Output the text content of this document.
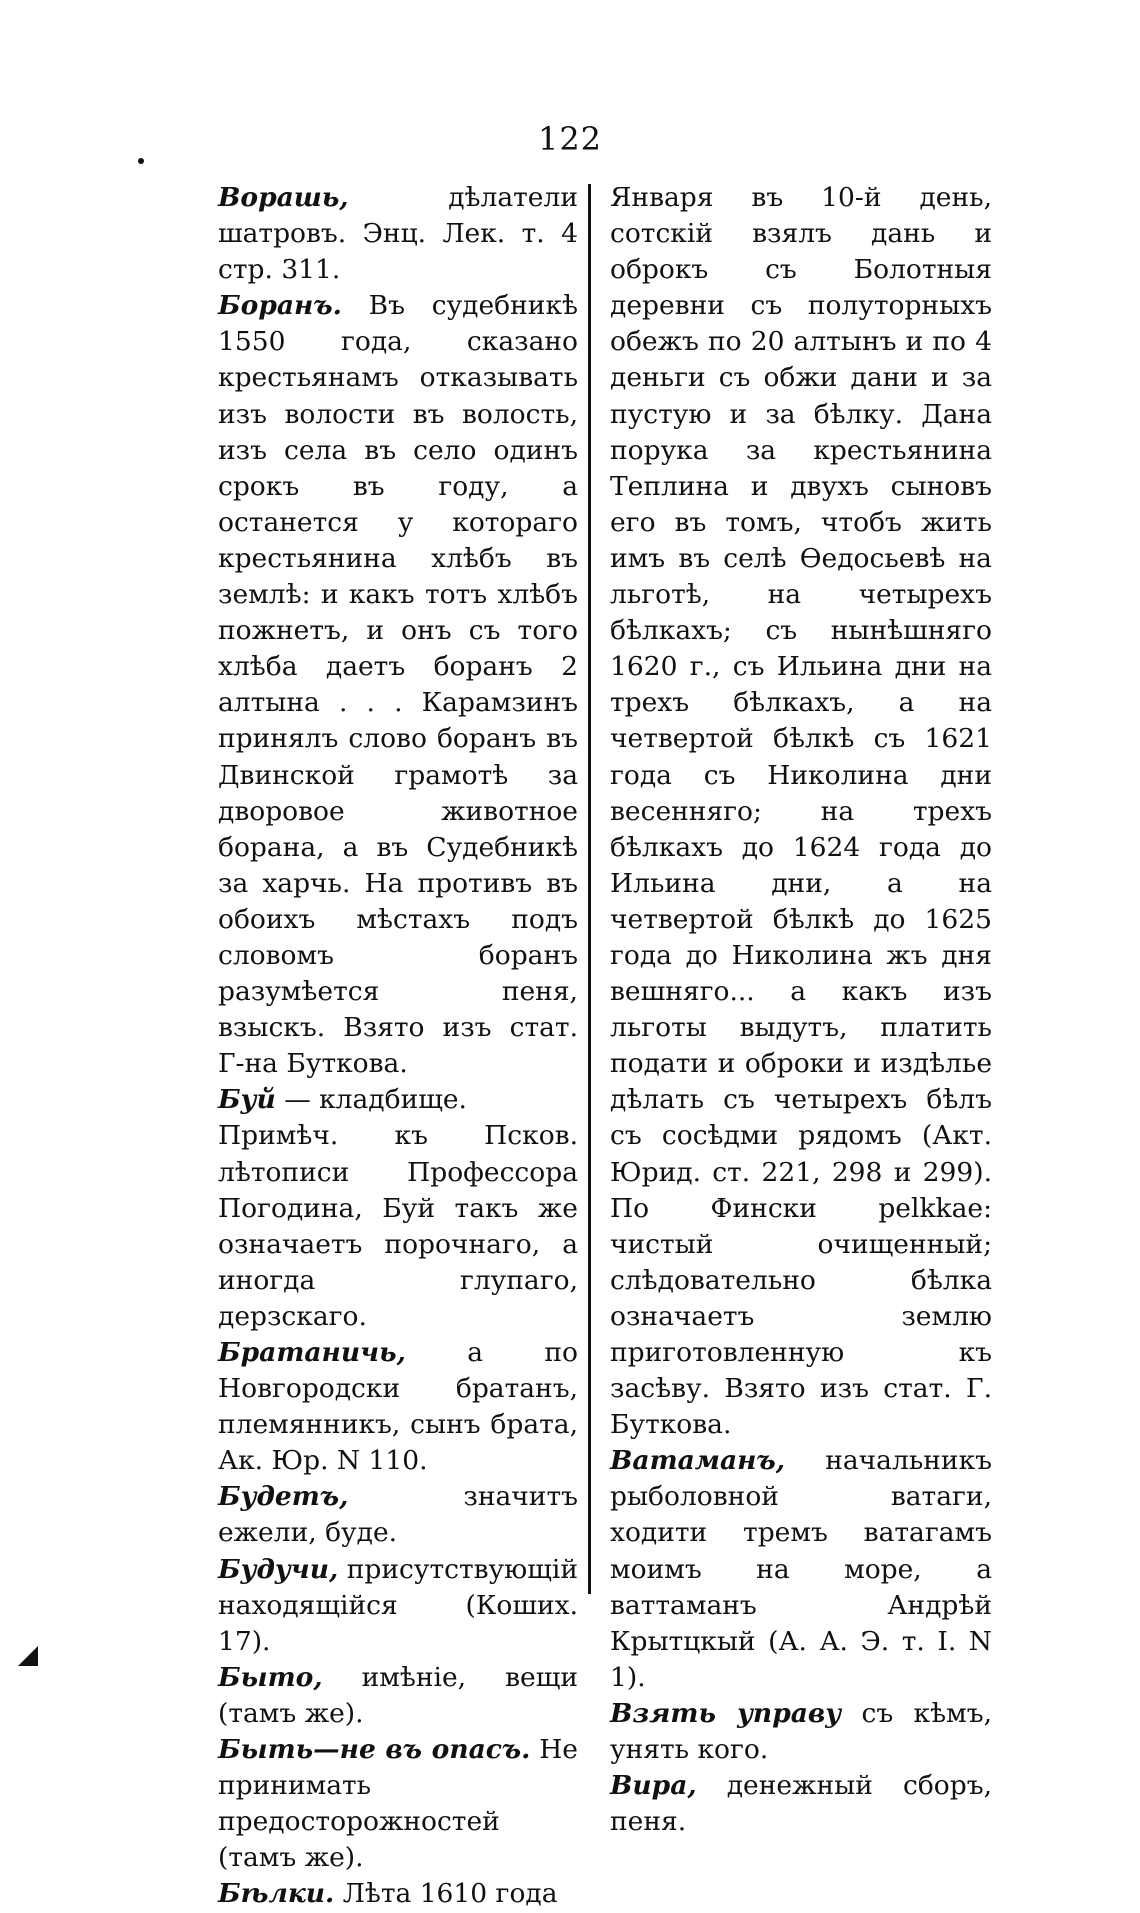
122

Ворашь, дѣлатели шатровъ. Энц. Лек. т. 4 стр. 311.

Боранъ. Въ судебникѣ 1550 года, сказано крестьянамъ отказывать изъ волости въ волость, изъ села въ село одинъ срокъ въ году, а останется у котораго крестьянина хлѣбъ въ землѣ: и какъ тотъ хлѣбъ пожнетъ, и онъ съ того хлѣба даетъ боранъ 2 алтына . . . Карамзинъ принялъ слово боранъ въ Двинской грамотѣ за дворовое животное борана, а въ Судебникѣ за харчь. На противъ въ обоихъ мѣстахъ подъ словомъ боранъ разумѣется пеня, взыскъ. Взято изъ стат. Г-на Буткова.

Буй — кладбище.

Примѣч. къ Псков. лѣтописи Профессора Погодина, Буй такъ же означаетъ порочнаго, а иногда глупаго, дерзскаго.

Братаничь, а по Новгородски братанъ, племянникъ, сынъ брата, Ак. Юр. N 110.

Будетъ, значитъ ежели, буде.

Будучи, присутствующій находящійся (Коших. 17).

Быто, имѣніе, вещи (тамъ же).

Быть—не въ опасъ. Не принимать предосторожностей (тамъ же).

Бѣлки. Лѣта 1610 года

Января въ 10-й день, сотскій взялъ дань и оброкъ съ Болотныя деревни съ полуторныхъ обежъ по 20 алтынъ и по 4 деньги съ обжи дани и за пустую и за бѣлку. Дана порука за крестьянина Теплина и двухъ сыновъ его въ томъ, чтобъ жить имъ въ селѣ Ѳедосьевѣ на льготѣ, на четырехъ бѣлкахъ; съ нынѣшняго 1620 г., съ Ильина дни на трехъ бѣлкахъ, а на четвертой бѣлкѣ съ 1621 года съ Николина дни весенняго; на трехъ бѣлкахъ до 1624 года до Ильина дни, а на четвертой бѣлкѣ до 1625 года до Николина жъ дня вешняго... а какъ изъ льготы выдутъ, платить подати и оброки и издѣлье дѣлать съ четырехъ бѣлъ съ сосѣдми рядомъ (Акт. Юрид. ст. 221, 298 и 299). По Фински pelkkae: чистый очищенный; слѣдовательно бѣлка означаетъ землю приготовленную къ засѣву. Взято изъ стат. Г. Буткова.

Ватаманъ, начальникъ рыболовной ватаги, ходити тремъ ватагамъ моимъ на море, а ваттаманъ Андрѣй Крытцкый (А. А. Э. т. I. N 1).

Взять управу съ кѣмъ, унять кого.

Вира, денежный сборъ, пеня.
